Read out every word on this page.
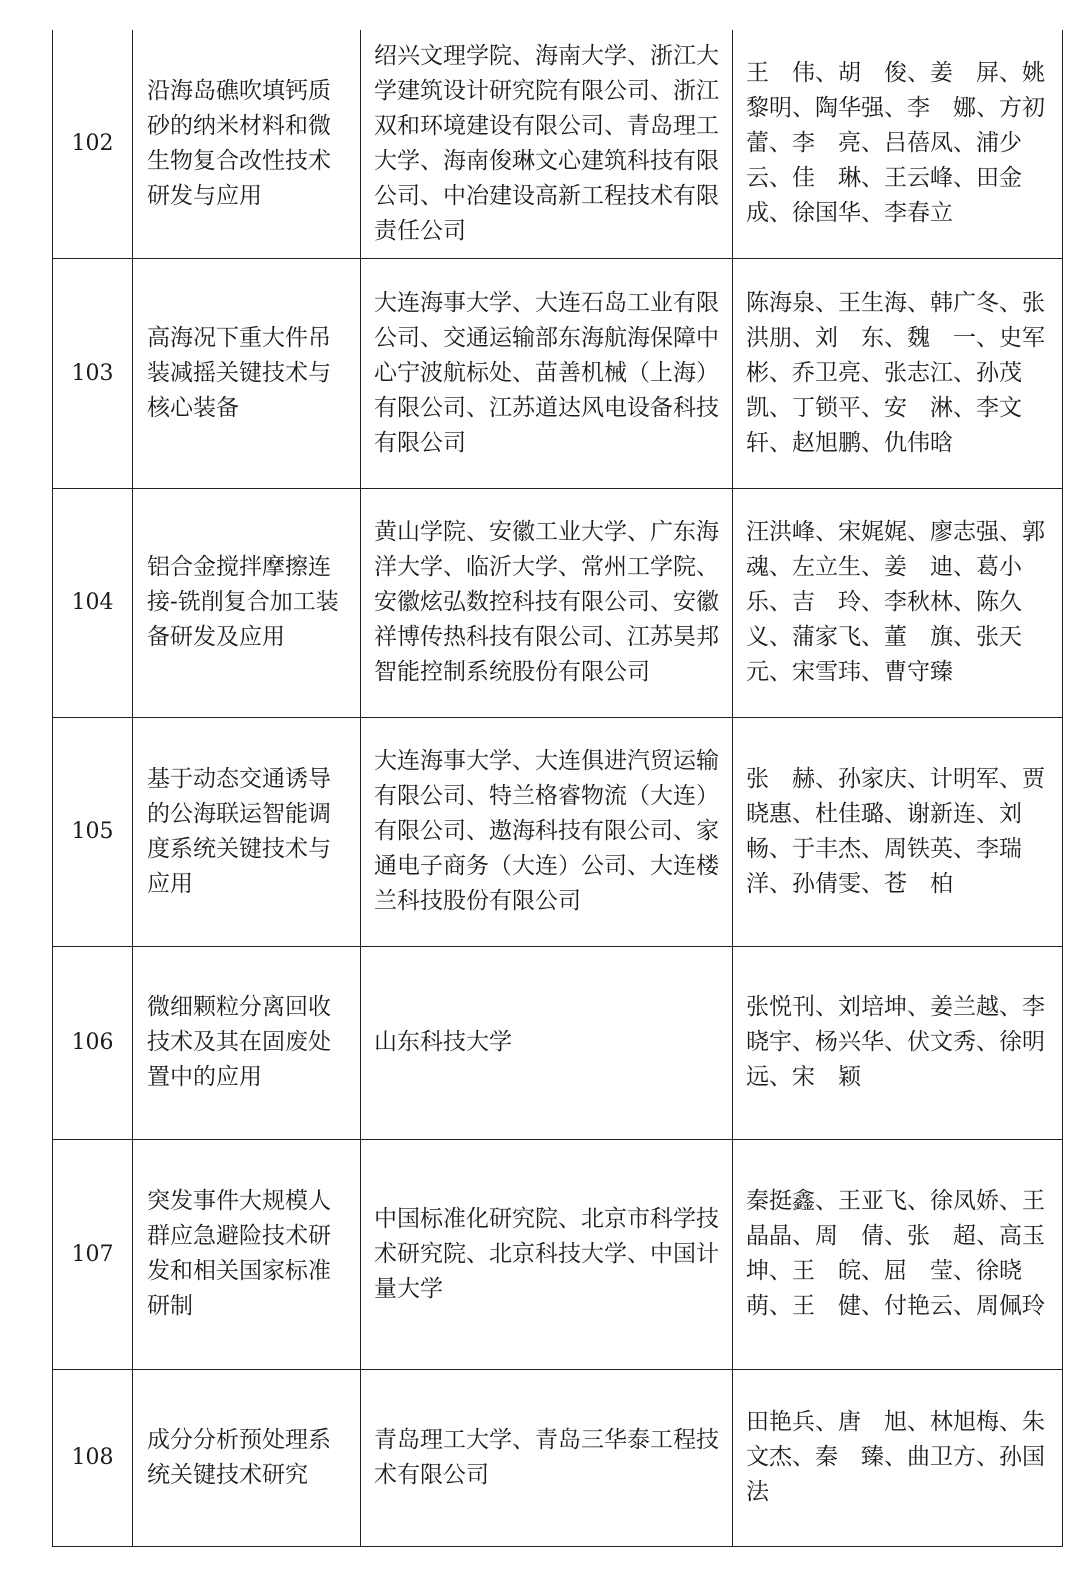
102	沿海岛礁吹填钙质砂的纳米材料和微生物复合改性技术研发与应用	绍兴文理学院、海南大学、浙江大学建筑设计研究院有限公司、浙江双和环境建设有限公司、青岛理工大学、海南俊琳文心建筑科技有限公司、中冶建设高新工程技术有限责任公司	王　伟、胡　俊、姜　屏、姚黎明、陶华强、李　娜、方初蕾、李　亮、吕蓓凤、浦少云、佳　琳、王云峰、田金成、徐国华、李春立

103	高海况下重大件吊装减摇关键技术与核心装备	大连海事大学、大连石岛工业有限公司、交通运输部东海航海保障中心宁波航标处、苗善机械（上海）有限公司、江苏道达风电设备科技有限公司	陈海泉、王生海、韩广冬、张洪朋、刘　东、魏　一、史军彬、乔卫亮、张志江、孙茂凯、丁锁平、安　淋、李文轩、赵旭鹏、仇伟晗

104	铝合金搅拌摩擦连接-铣削复合加工装备研发及应用	黄山学院、安徽工业大学、广东海洋大学、临沂大学、常州工学院、安徽炫弘数控科技有限公司、安徽祥博传热科技有限公司、江苏昊邦智能控制系统股份有限公司	汪洪峰、宋娓娓、廖志强、郭　魂、左立生、姜　迪、葛小乐、吉　玲、李秋林、陈久义、蒲家飞、董　旗、张天元、宋雪玮、曹守臻

105	基于动态交通诱导的公海联运智能调度系统关键技术与应用	大连海事大学、大连俱进汽贸运输有限公司、特兰格睿物流（大连）有限公司、遨海科技有限公司、家通电子商务（大连）公司、大连楼兰科技股份有限公司	张　赫、孙家庆、计明军、贾晓惠、杜佳璐、谢新连、刘　畅、于丰杰、周铁英、李瑞洋、孙倩雯、苍　柏

106	微细颗粒分离回收技术及其在固废处置中的应用	山东科技大学	张悦刊、刘培坤、姜兰越、李晓宇、杨兴华、伏文秀、徐明远、宋　颖

107	突发事件大规模人群应急避险技术研发和相关国家标准研制	中国标准化研究院、北京市科学技术研究院、北京科技大学、中国计量大学	秦挺鑫、王亚飞、徐凤娇、王晶晶、周　倩、张　超、高玉坤、王　皖、屈　莹、徐晓萌、王　健、付艳云、周佩玲

108	成分分析预处理系统关键技术研究	青岛理工大学、青岛三华泰工程技术有限公司	田艳兵、唐　旭、林旭梅、朱文杰、秦　臻、曲卫方、孙国法
